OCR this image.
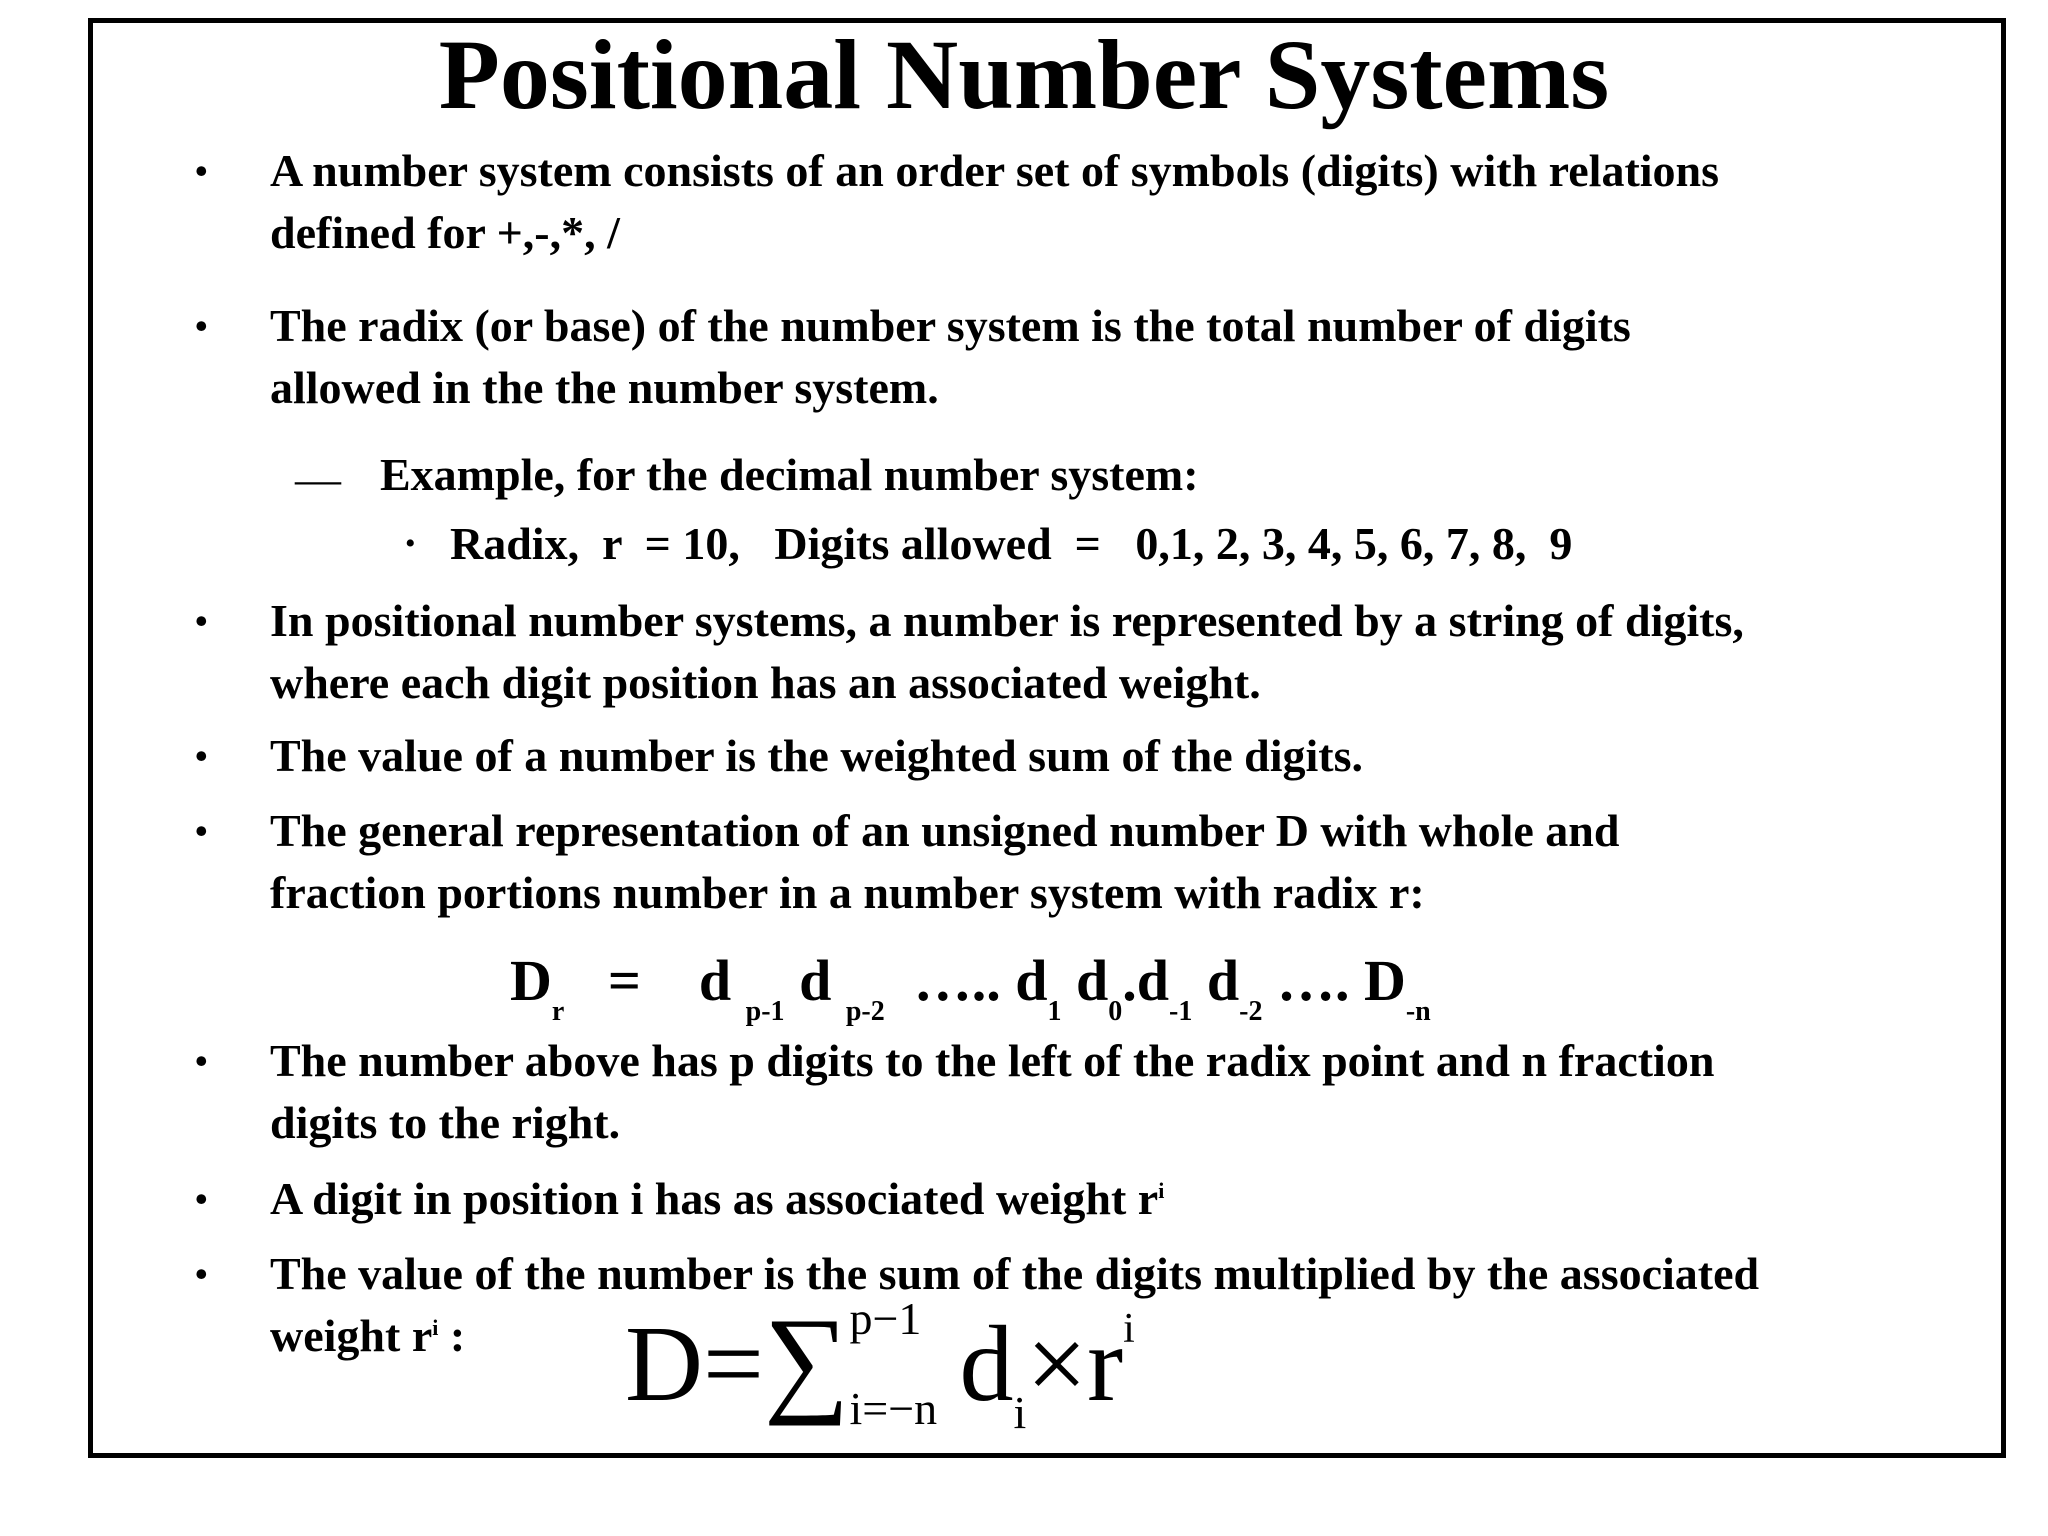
Positional Number Systems
• A number system consists of an order set of symbols (digits) with relations
defined for +,-,*, /
• The radix (or base) of the number system is the total number of digits
allowed in the the number system.
— Example, for the decimal number system:
• Radix,  r  = 10,   Digits allowed  =   0,1, 2, 3, 4, 5, 6, 7, 8,  9
• In positional number systems, a number is represented by a string of digits,
where each digit position has an associated weight.
• The value of a number is the weighted sum of the digits.
• The general representation of an unsigned number D with whole and
fraction portions number in a number system with radix r:
$D_r = d$ $_{p-1}$ d $_{p-2}$ ….. $d_1$ $d_0.d_{-1}$ $d_{-2}$ …. $D_{-n}$
• The number above has p digits to the left of the radix point and n fraction
digits to the right.
• A digit in position i has as associated weight $r^i$
• The value of the number is the sum of the digits multiplied by the associated
weight $r^i$ :	D=∑ p−1
i=−n $d_i\times r^i$
